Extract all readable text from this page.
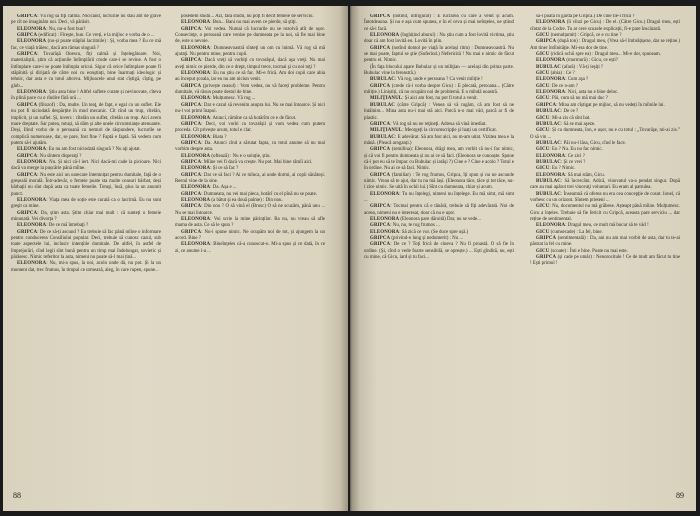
GRIPCA: Vă rog să fiţi calmă. Nicicând, lucrurile nu stau atît de grave pe cît ne imaginăm noi. Deci, vă părăsit.

ELEONORA: Nu, nu-u fost bun?

GRIPCA (edificat) : Firește, bun. Ce vreți, e la mijloc e vorba de o ...

ELEONORA (nu-și poate stăpîni lacrimile) : Și, vorba mea ? Eu ce mă fac, ce viață trăiesc, dacă am rămas singură ?

GRIPCA: Tovarășă Onescu, fiți calmă și înțelegătoare. Noi, materialiștii, știm că acţiunile întîmplării crude care-i se revine. A fost o întîmplare care-i se poate întîmpla oricui. Sigur că orice întîmplare poate fi stăpînită și dirijată de către noi cu eonștinți, bine înarmați ideologic și tehnic, dar asta e cu totul altceva. Mijloacele unui stat cîștigă, cîștig, pe glob...

ELEONORA: Știu asta bine ! Altfel suflete curate și nevinovate, cîteva în plină pace cu o rîndire fără ură ...

GRIPCA (filozof) : Da, multe. Un teaţ, de fapt, e egal cu un suflet. Ele nu pot fi niciodată despărțite în mod mecanic. Cît cînd un trup, cîtelăn, implicit, și un suflet. Și, invers : cîtelăn un suflet, cîtelăn un trup. Aici avem mare dreptate. Sar putea, totuși, să dăm și alte unele circumstanțe atenuante. Deşi, Ilind vorba de o persoană cu nemuri de răspundere, lucrurile se complică numeroase, dar, se pare, fost fine ? Faptă e faptă. Să vedem cum putem să-l ajutăm.

ELEONORA: Eu nu am fost niciodată singură ? Nu aţi ajutat.

GRIPCA: Nu sîntem disperaţi ?

ELEONORA: Nu. Și nici că-l iert. Nici dacă-mi cade la picioare. Nici dacă va merge la pușcărie până mîine.

GRIPCA: Nu este aici un oarecare întemnițat pentru dumitale, faţă de o greșeală morală. Într-adevăr, o femeie poate sta multe ceasuri bărbat, deși bărbaţii nu sînt după asta ca toate femeile. Totuşi, însă, plus la un anumit punct.

ELEONORA: Viaţa mea de soție este curată ca o lacrimă. Eu nu sunt greşit ca mine.

GRIPCA: Da, știm asta. Știm chiar mai mult : că sunteți o femeie minunată. Vei divorța ?

ELEONORA: De ce mă întrebaţi ?

GRIPCA: De ce să-ți ascund ? Eu trebuie să fac până mîine o informare pentru conducerea Consiliului popular. Deci, trebuie să cunosc cazul, sub toate aspectele lui, inclusiv intențiile dumitale. De altfel, în astfel de împrejurări, cînd legii sînt bună pentru un timp mai îndelungat, sovietic și părăsesc. Nimic referitor la asta, nimeni nu poate să-l mai țină...

ELEONORA: Nu, mi-a spus, la noi, acolo unde dă, nu pot. Și la un moment dat, trec frumos, în timpul ce urmează, aleg, în care rupen, spune...

posedem studii... Azi, fără studii, nu poţi fi decît femeie de serviciu.

ELEONORA: Bun... Bani nu mai avem ce pierde, să ştiţi.

GRIPCA: Voi vedea. Numai că lucrurile nu se rezolvă atît de ușor. Consecinţe, o persoană care venise pe dumneata pe la noi, să fie mai bine de, este o nevoie.

ELEONORA: Dumneavoastră sînteţi un om cu inimă. Vă rog să mă ajutaţi. Nu pentru mine, pentru copii.

GRIPCA: Dacă vreţi să vorbiţi cu tovarăşul, dacă aşa vreţi. Nu mai aveţi nimic ce pierde, din ce e drept, timpul trece, tocmai şi cu noi toţi ?

ELEONORA: Eu nu știu ce să fac. Mi-e frică. Am doi copii care abia au început şcoala, iar eu nu am niciun venit.

GRIPCA (privește ceasul) : Vom vedea, nu vă faceți probleme. Pentru dumitale, vă răsun poate destul de bine.

ELEONORA: Mulțumesc. Vă rog ...

GRIPCA: Dar e cazul să revenim asupra lui. Nu se mai întoarce. Și nici nu-l voi primi înapoi.

ELEONORA: Atunci, rămîne ca să hotărîm ce e de făcut.

GRIPCA: Deci, voi vorbi cu tovarășii și vom vedea cum putem proceda. Cît privește acum, totul e clar.

ELEONORA: Biata ?

GRIPCA: Da. Atunci cînd a sărutat fapta, cu totul anume să nu mai vorbim despre asta.

ELEONORA (oftează) : Nu e o soluție, știu.

GRIPCA: Mîine vei fi dacă va crește. Nu pot. Mai bine rămîi aici.

ELEONORA: Și ce să fac ?

GRIPCA: Dar ce să faci ? Ai ce mînca, ai unde dormi, ai copii sănătoși. Restul vine de la sine.

ELEONORA: Da. Așa e ...

GRIPCA: Dumneata, nu vei mai pleca, hotărî cu el pînă nu se poate.

ELEONORA (a bătut şi ea două palme) : Din nou.

GRIPCA: Din nou ? O să vină el (Brusc) O să ne scuzăm, până unu ... Nu se mai întoarce.

ELEONORA: Voi scrie la mine părinților. Ba nu, nu vreau să afle mama de asta. Ce să le spun ?

GRIPCA: Nu-i spune nimic. Ne ocupăm noi de tot, și ajungem la un acord. Bine ?

ELEONORA: Bineînțeles că-a cunoscut-o. Mi-a spus și ce dată, în ce zi, ce anume i-a ...

88

GRIPCA (notînd, înfrigurat) : E lucrarea cu care a venit și acum. Întotdeauna. Și nu e așa cum spunea, e în el ceva și mai neînțeles, ne știind ce să-i facă.

ELEONORA (înghițind aburul) : Nu știu cum a fost lovită victima, știu doar că am fost lovită eu. Lovită în plin.

GRIPCA (notînd domol pe viaţă în același ritm) : Dumneavoastră. Nu se mai poate, faptul se ştie (Suferind.) Nefericită ! Nu mai e nimic de făcut pentru el. Nimic.

(În faţa blocului apare Bubulac și un miliţian — același din prima parte. Bubulac vine la fereastră.)

BUBULAC: Vă rog, unde e persoana ? Ca venit miliție !

GRIPCA (crede că-i vorba despre Gicu) : E plecată, persoana... (Către miliție.) Liniștiți, că nu ocupăm noi de problemă. E o mîndă noastră.

MILIŢIANUL: Și aici am fost, nu pot fi totul a venit.

BUBULAC (către Gripcă) : Venea să vă rugăm, că am fost să ne întâlnim... Mina asta nu-i mai stă aici. Parcă n-o mai văd, parcă ar fi de plastic.

GRIPCA: Vă rog să nu ne reţineţi. Adresa să vină imediat.

MILIŢIANUL: Meorgeţi la circumscripţie şi luați un certificat.

BUBULAC: E adevărat. Să am fost aici, nu m-am uitat. Vizitea mea e la mână. (Pleacă aroganți.)

GRIPCA (semilina): Eleonora, drăgi mea, am vorbit că nu-i fac nimic, și că voi fi pentru dumneata și nu ai ce să faci. (Eleonora se cunoaște. Spune că-i pot eu să te împac cu Bubulac și iarăşi ?) Cine e ? Cine e acolo ? Totul e în ordine. Nu ai ce să faci. Nimic.

GRIPCA (familiar) : Te rog frumos, Gripca, îți spun și nu ne ascunde nimic. Vreau să te ajut, dar tu nu mă lași. (Eleonora tăce, tăce și tot tăce, nu-i zice nimic. Se uită în ochii lui.) Sînt cu dumneata, chiar și acum.

ELEONORA: Tu nu înțelegi, nimeni nu înțelege. Eu mă simt, mă simt ...

GRIPCA: Tocmai pentru că e tânără, trebuie să fiți adevărată. Noi de aceea, nimeni nu e interesat, doar că nu e ușor.

ELEONORA (Eleonora pare dăruită) Dar, nu se vede...

GRIPCA: Nu, nu, te rog frumos ...

ELEONORA: Să zică ce vor. (Se duce spre ușă.)

GRIPCA (privind-o lung și nedumerit) : Nu ...

GRIPCA: De ce ? Toţi fricâ de cineva ? Nu fi proastă. O să fie în ordine. (Și, cînd o vede foarte sensibilă, se oprește.) ... Ești gîndită, nu, ești cu mine, că Gicu, iard și tu faci...

să-l poată în gardă pe Gripcă.) De cine fie-i frică ?

ELEONORA (îi vînzi pe Gicu) : De el. (Către Gicu.) Dragul meu, ești cîntat de la Codre. Tu ar cere scuzele explicații, fi-e pare înscăzută.

GICU (nemulțumit) : Gripcă, ce e cu tine ?

GRIPCA (după ton) : Dragul meu, (Vrea să-l îmbrățișeze, dar se reține.) Am tiner întîlnităţie. Mi-era dor de tine.

GICU (ridică ochii spre ea) : Dragul meu... Mi-e dor, spuneam.

ELEONORA (murmură) : Gicu, ce ești?

BUBULAC (afară) : Vă-ți ieşiți ?

GICU (abia) : Ce ?

ELEONORA: Cum aşa ?

GICU: De ce n-am ?

ELEONORA: Nici, asta nu e bine deloc.

GICU: Păi, cum să nu mă mai duc ?

GRIPCA: Mina am cîștigat pe mijloc, să nu vedeți în mîinile lui.

BUBULAC: De ce ?

GICU: Mi-a zis că sînt bat.

BUBULAC: Să se mai aşeze.

GICU: Și cu dumneata, Ion, e ușor, nu e cu totul : „Tovarăşe, mi-ai zis.” O să vin ...

BUBULAC: Păi nu-l lăsa, Gicu, cînd le face.

GICU: Eu ? Nu. Eu nu fac nimic.

ELEONORA: Ce zici ?

BUBULAC: Și ce vrei ?

GICU: Eu ? Nimic.

ELEONORA: Să mai stăm, Gicu.

BUBULAC: Să încercăm. Adică, vinovatul va-a pendat singur. După care au mai apărut trei vinovaţi voluntari. Eu eram al patrulea.

BUBULAC: Înseamnă că oferea nu era cea concepţie de cusut. Ionel, că vorbesc cu un orizont. Sîntem prieteni ...

GICU: Nu, documentul nu mă grăbese. Așteapt până mîine. Mulțumesc. Gicu a înțeles. Trebuie să fie fericit cu Gripcă, aceasta pare serviciu ... dar reține de sentimental.

ELEONORA: Dragul meu, ce mult mă bucur să te văd !

GICU (cumsecade) : La fel, bine.

GRIPCA (sentimentală) : Da, ani nu am mai vorbit de asta, dar tu te-ai păstrat la fel cu mine.

GICU (scoate) : Îmi e bine. Poate nu mai este.

GRIPCA (și cade pe umăr) : Nenorocitule ! Ce de mult am făcut tu tine ! Eşti primul !

89
